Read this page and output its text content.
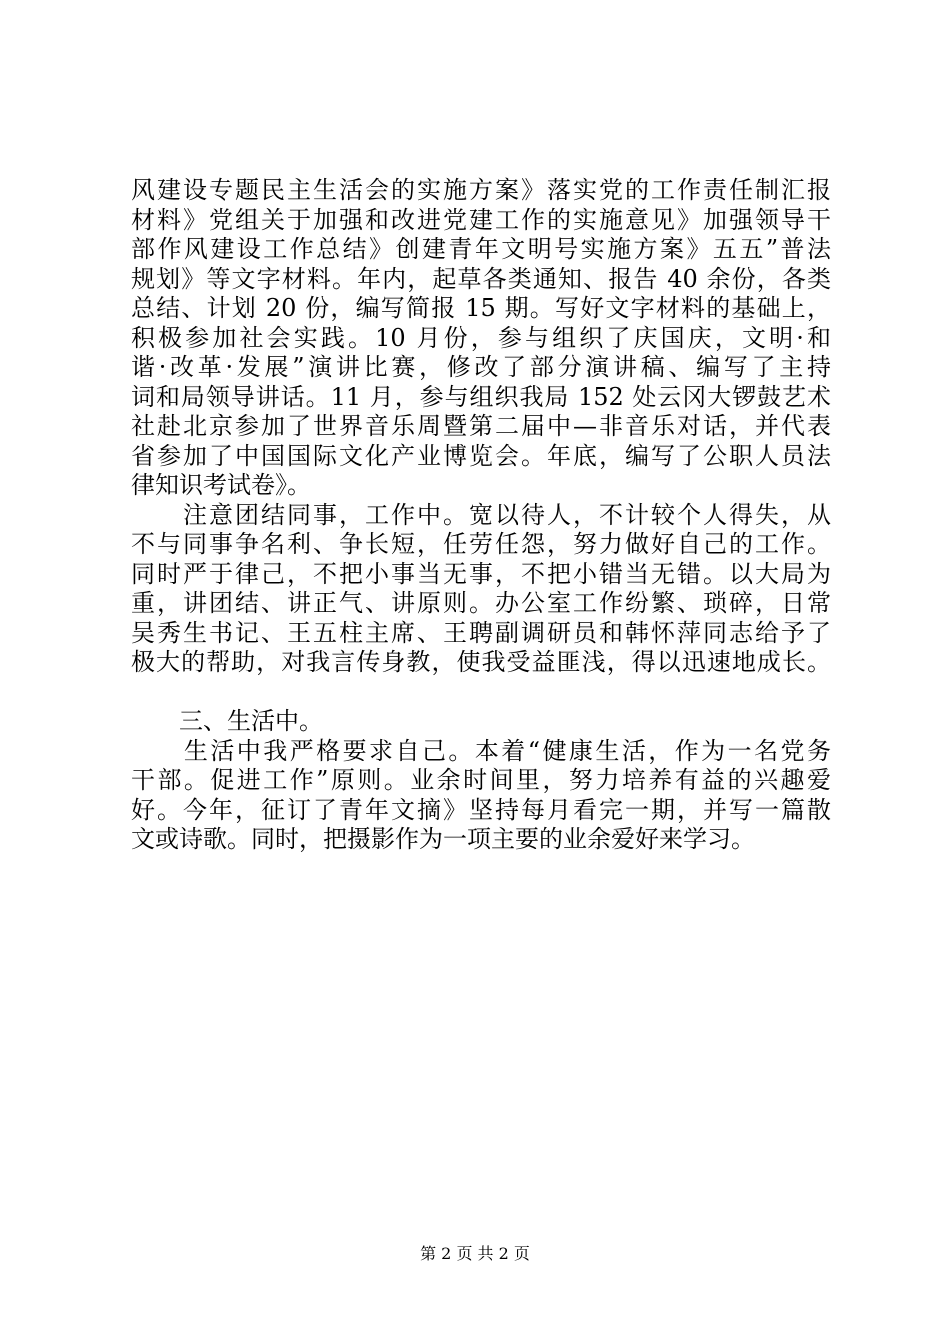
风建设专题民主生活会的实施方案》落实党的工作责任制汇报
材料》党组关于加强和改进党建工作的实施意见》加强领导干
部作风建设工作总结》创建青年文明号实施方案》五五”普法
规划》等文字材料。年内，起草各类通知、报告 40 余份，各类
总结、计划 20 份，编写简报 15 期。写好文字材料的基础上，
积极参加社会实践。10 月份，参与组织了庆国庆，文明·和
谐·改革·发展”演讲比赛，修改了部分演讲稿、编写了主持
词和局领导讲话。11 月，参与组织我局 152 处云冈大锣鼓艺术
社赴北京参加了世界音乐周暨第二届中—非音乐对话，并代表
省参加了中国国际文化产业博览会。年底，编写了公职人员法
律知识考试卷》。
　　注意团结同事，工作中。宽以待人，不计较个人得失，从
不与同事争名利、争长短，任劳任怨，努力做好自己的工作。
同时严于律己，不把小事当无事，不把小错当无错。以大局为
重，讲团结、讲正气、讲原则。办公室工作纷繁、琐碎，日常
吴秀生书记、王五柱主席、王聘副调研员和韩怀萍同志给予了
极大的帮助，对我言传身教，使我受益匪浅，得以迅速地成长。
　　三、生活中。
　　生活中我严格要求自己。本着“健康生活，作为一名党务
干部。促进工作”原则。业余时间里，努力培养有益的兴趣爱
好。今年，征订了青年文摘》坚持每月看完一期，并写一篇散
文或诗歌。同时，把摄影作为一项主要的业余爱好来学习。
第 2 页 共 2 页
